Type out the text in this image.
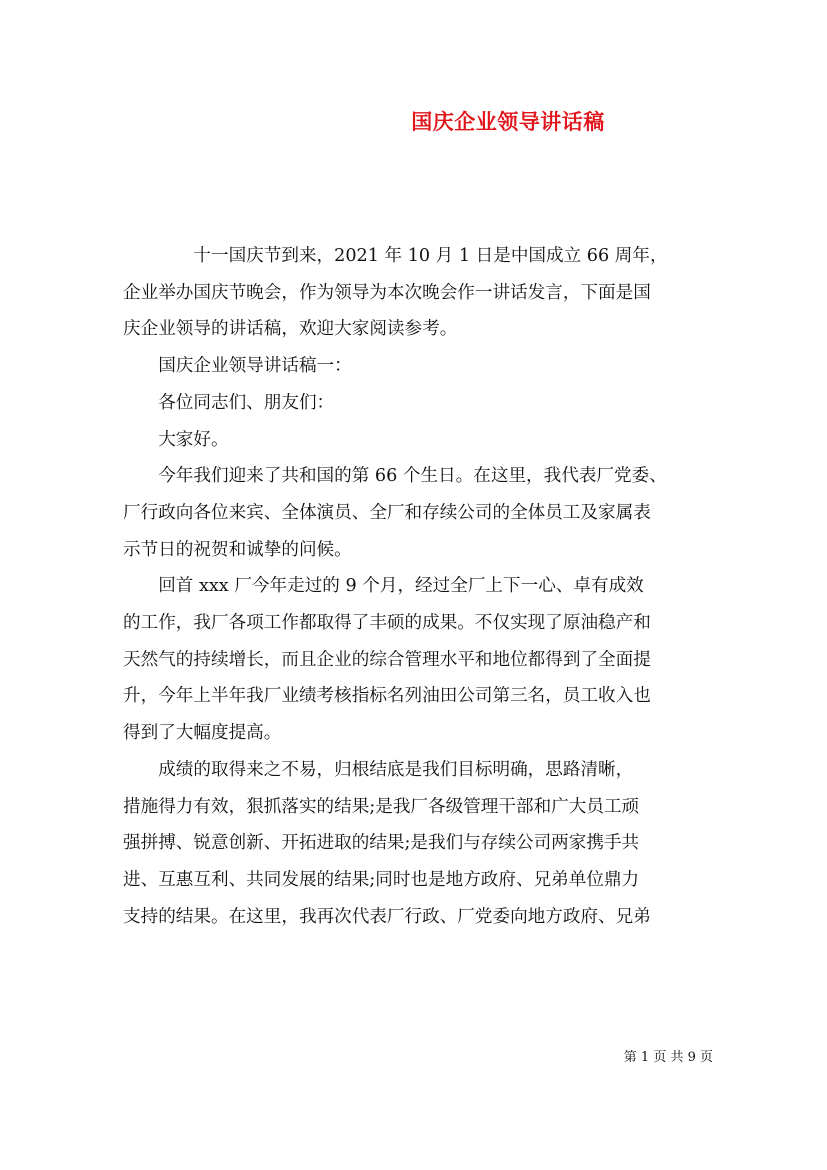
国庆企业领导讲话稿

十一国庆节到来，2021 年 10 月 1 日是中国成立 66 周年，
企业举办国庆节晚会，作为领导为本次晚会作一讲话发言，下面是国
庆企业领导的讲话稿，欢迎大家阅读参考。

国庆企业领导讲话稿一：

各位同志们、朋友们：

大家好。

今年我们迎来了共和国的第 66 个生日。在这里，我代表厂党委、
厂行政向各位来宾、全体演员、全厂和存续公司的全体员工及家属表
示节日的祝贺和诚挚的问候。

回首 xxx 厂今年走过的 9 个月，经过全厂上下一心、卓有成效
的工作，我厂各项工作都取得了丰硕的成果。不仅实现了原油稳产和
天然气的持续增长，而且企业的综合管理水平和地位都得到了全面提
升，今年上半年我厂业绩考核指标名列油田公司第三名，员工收入也
得到了大幅度提高。

成绩的取得来之不易，归根结底是我们目标明确，思路清晰，
措施得力有效，狠抓落实的结果;是我厂各级管理干部和广大员工顽
强拼搏、锐意创新、开拓进取的结果;是我们与存续公司两家携手共
进、互惠互利、共同发展的结果;同时也是地方政府、兄弟单位鼎力
支持的结果。在这里，我再次代表厂行政、厂党委向地方政府、兄弟

第 1 页 共 9 页
